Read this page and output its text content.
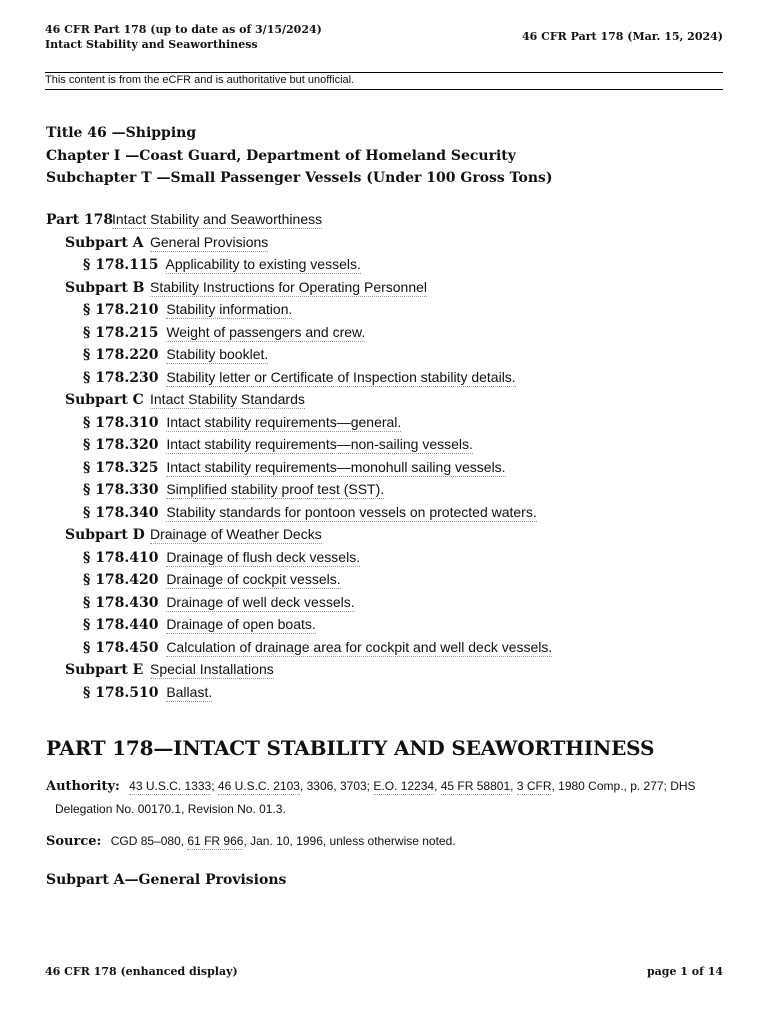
46 CFR Part 178 (up to date as of 3/15/2024)
Intact Stability and Seaworthiness
46 CFR Part 178 (Mar. 15, 2024)
This content is from the eCFR and is authoritative but unofficial.
Title 46 —Shipping
Chapter I —Coast Guard, Department of Homeland Security
Subchapter T —Small Passenger Vessels (Under 100 Gross Tons)
Part 178Intact Stability and Seaworthiness
Subpart A General Provisions
§ 178.115 Applicability to existing vessels.
Subpart B Stability Instructions for Operating Personnel
§ 178.210 Stability information.
§ 178.215 Weight of passengers and crew.
§ 178.220 Stability booklet.
§ 178.230 Stability letter or Certificate of Inspection stability details.
Subpart C Intact Stability Standards
§ 178.310 Intact stability requirements—general.
§ 178.320 Intact stability requirements—non-sailing vessels.
§ 178.325 Intact stability requirements—monohull sailing vessels.
§ 178.330 Simplified stability proof test (SST).
§ 178.340 Stability standards for pontoon vessels on protected waters.
Subpart D Drainage of Weather Decks
§ 178.410 Drainage of flush deck vessels.
§ 178.420 Drainage of cockpit vessels.
§ 178.430 Drainage of well deck vessels.
§ 178.440 Drainage of open boats.
§ 178.450 Calculation of drainage area for cockpit and well deck vessels.
Subpart E Special Installations
§ 178.510 Ballast.
PART 178—INTACT STABILITY AND SEAWORTHINESS
Authority: 43 U.S.C. 1333; 46 U.S.C. 2103, 3306, 3703; E.O. 12234, 45 FR 58801, 3 CFR, 1980 Comp., p. 277; DHS
Delegation No. 00170.1, Revision No. 01.3.
Source: CGD 85–080, 61 FR 966, Jan. 10, 1996, unless otherwise noted.
Subpart A—General Provisions
46 CFR 178 (enhanced display)	page 1 of 14
